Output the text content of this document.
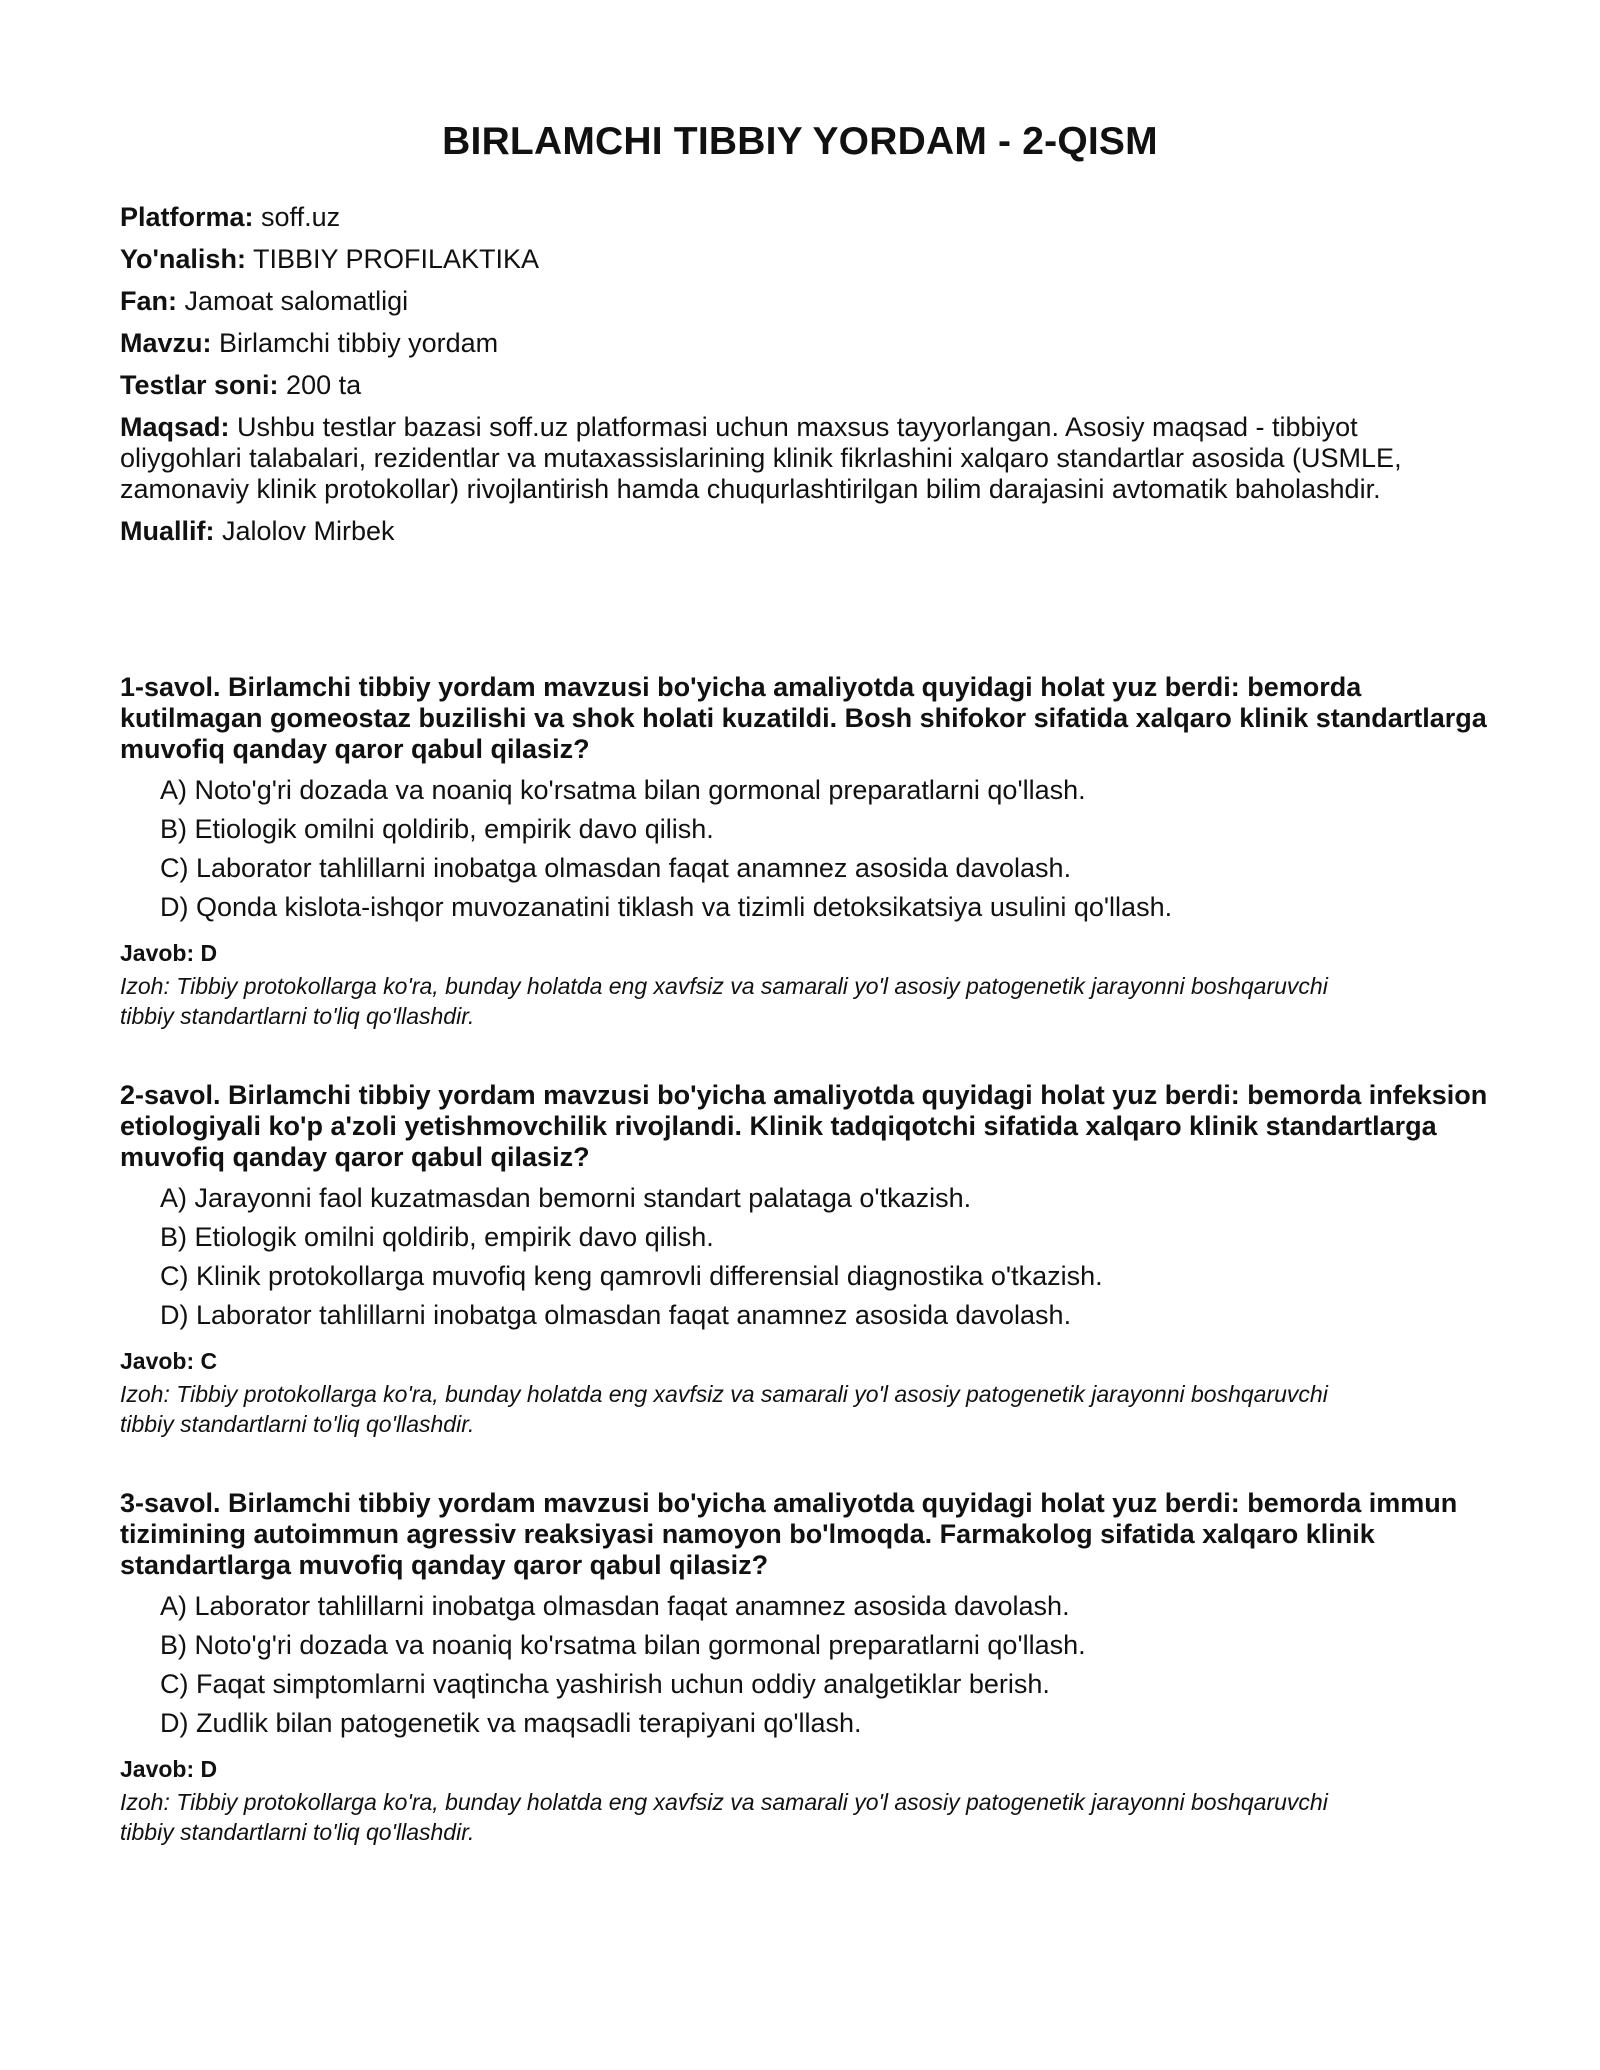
BIRLAMCHI TIBBIY YORDAM - 2-QISM

Platforma: soff.uz

Yo'nalish: TIBBIY PROFILAKTIKA

Fan: Jamoat salomatligi

Mavzu: Birlamchi tibbiy yordam

Testlar soni: 200 ta

Maqsad: Ushbu testlar bazasi soff.uz platformasi uchun maxsus tayyorlangan. Asosiy maqsad - tibbiyot oliygohlari talabalari, rezidentlar va mutaxassislarining klinik fikrlashini xalqaro standartlar asosida (USMLE, zamonaviy klinik protokollar) rivojlantirish hamda chuqurlashtirilgan bilim darajasini avtomatik baholashdir.

Muallif: Jalolov Mirbek

1-savol. Birlamchi tibbiy yordam mavzusi bo'yicha amaliyotda quyidagi holat yuz berdi: bemorda kutilmagan gomeostaz buzilishi va shok holati kuzatildi. Bosh shifokor sifatida xalqaro klinik standartlarga muvofiq qanday qaror qabul qilasiz?

A) Noto'g'ri dozada va noaniq ko'rsatma bilan gormonal preparatlarni qo'llash.
B) Etiologik omilni qoldirib, empirik davo qilish.
C) Laborator tahlillarni inobatga olmasdan faqat anamnez asosida davolash.
D) Qonda kislota-ishqor muvozanatini tiklash va tizimli detoksikatsiya usulini qo'llash.
Javob: D
Izoh: Tibbiy protokollarga ko'ra, bunday holatda eng xavfsiz va samarali yo'l asosiy patogenetik jarayonni boshqaruvchi tibbiy standartlarni to'liq qo'llashdir.

2-savol. Birlamchi tibbiy yordam mavzusi bo'yicha amaliyotda quyidagi holat yuz berdi: bemorda infeksion etiologiyali ko'p a'zoli yetishmovchilik rivojlandi. Klinik tadqiqotchi sifatida xalqaro klinik standartlarga muvofiq qanday qaror qabul qilasiz?

A) Jarayonni faol kuzatmasdan bemorni standart palataga o'tkazish.
B) Etiologik omilni qoldirib, empirik davo qilish.
C) Klinik protokollarga muvofiq keng qamrovli differensial diagnostika o'tkazish.
D) Laborator tahlillarni inobatga olmasdan faqat anamnez asosida davolash.
Javob: C
Izoh: Tibbiy protokollarga ko'ra, bunday holatda eng xavfsiz va samarali yo'l asosiy patogenetik jarayonni boshqaruvchi tibbiy standartlarni to'liq qo'llashdir.

3-savol. Birlamchi tibbiy yordam mavzusi bo'yicha amaliyotda quyidagi holat yuz berdi: bemorda immun tizimining autoimmun agressiv reaksiyasi namoyon bo'lmoqda. Farmakolog sifatida xalqaro klinik standartlarga muvofiq qanday qaror qabul qilasiz?

A) Laborator tahlillarni inobatga olmasdan faqat anamnez asosida davolash.
B) Noto'g'ri dozada va noaniq ko'rsatma bilan gormonal preparatlarni qo'llash.
C) Faqat simptomlarni vaqtincha yashirish uchun oddiy analgetiklar berish.
D) Zudlik bilan patogenetik va maqsadli terapiyani qo'llash.
Javob: D
Izoh: Tibbiy protokollarga ko'ra, bunday holatda eng xavfsiz va samarali yo'l asosiy patogenetik jarayonni boshqaruvchi tibbiy standartlarni to'liq qo'llashdir.
